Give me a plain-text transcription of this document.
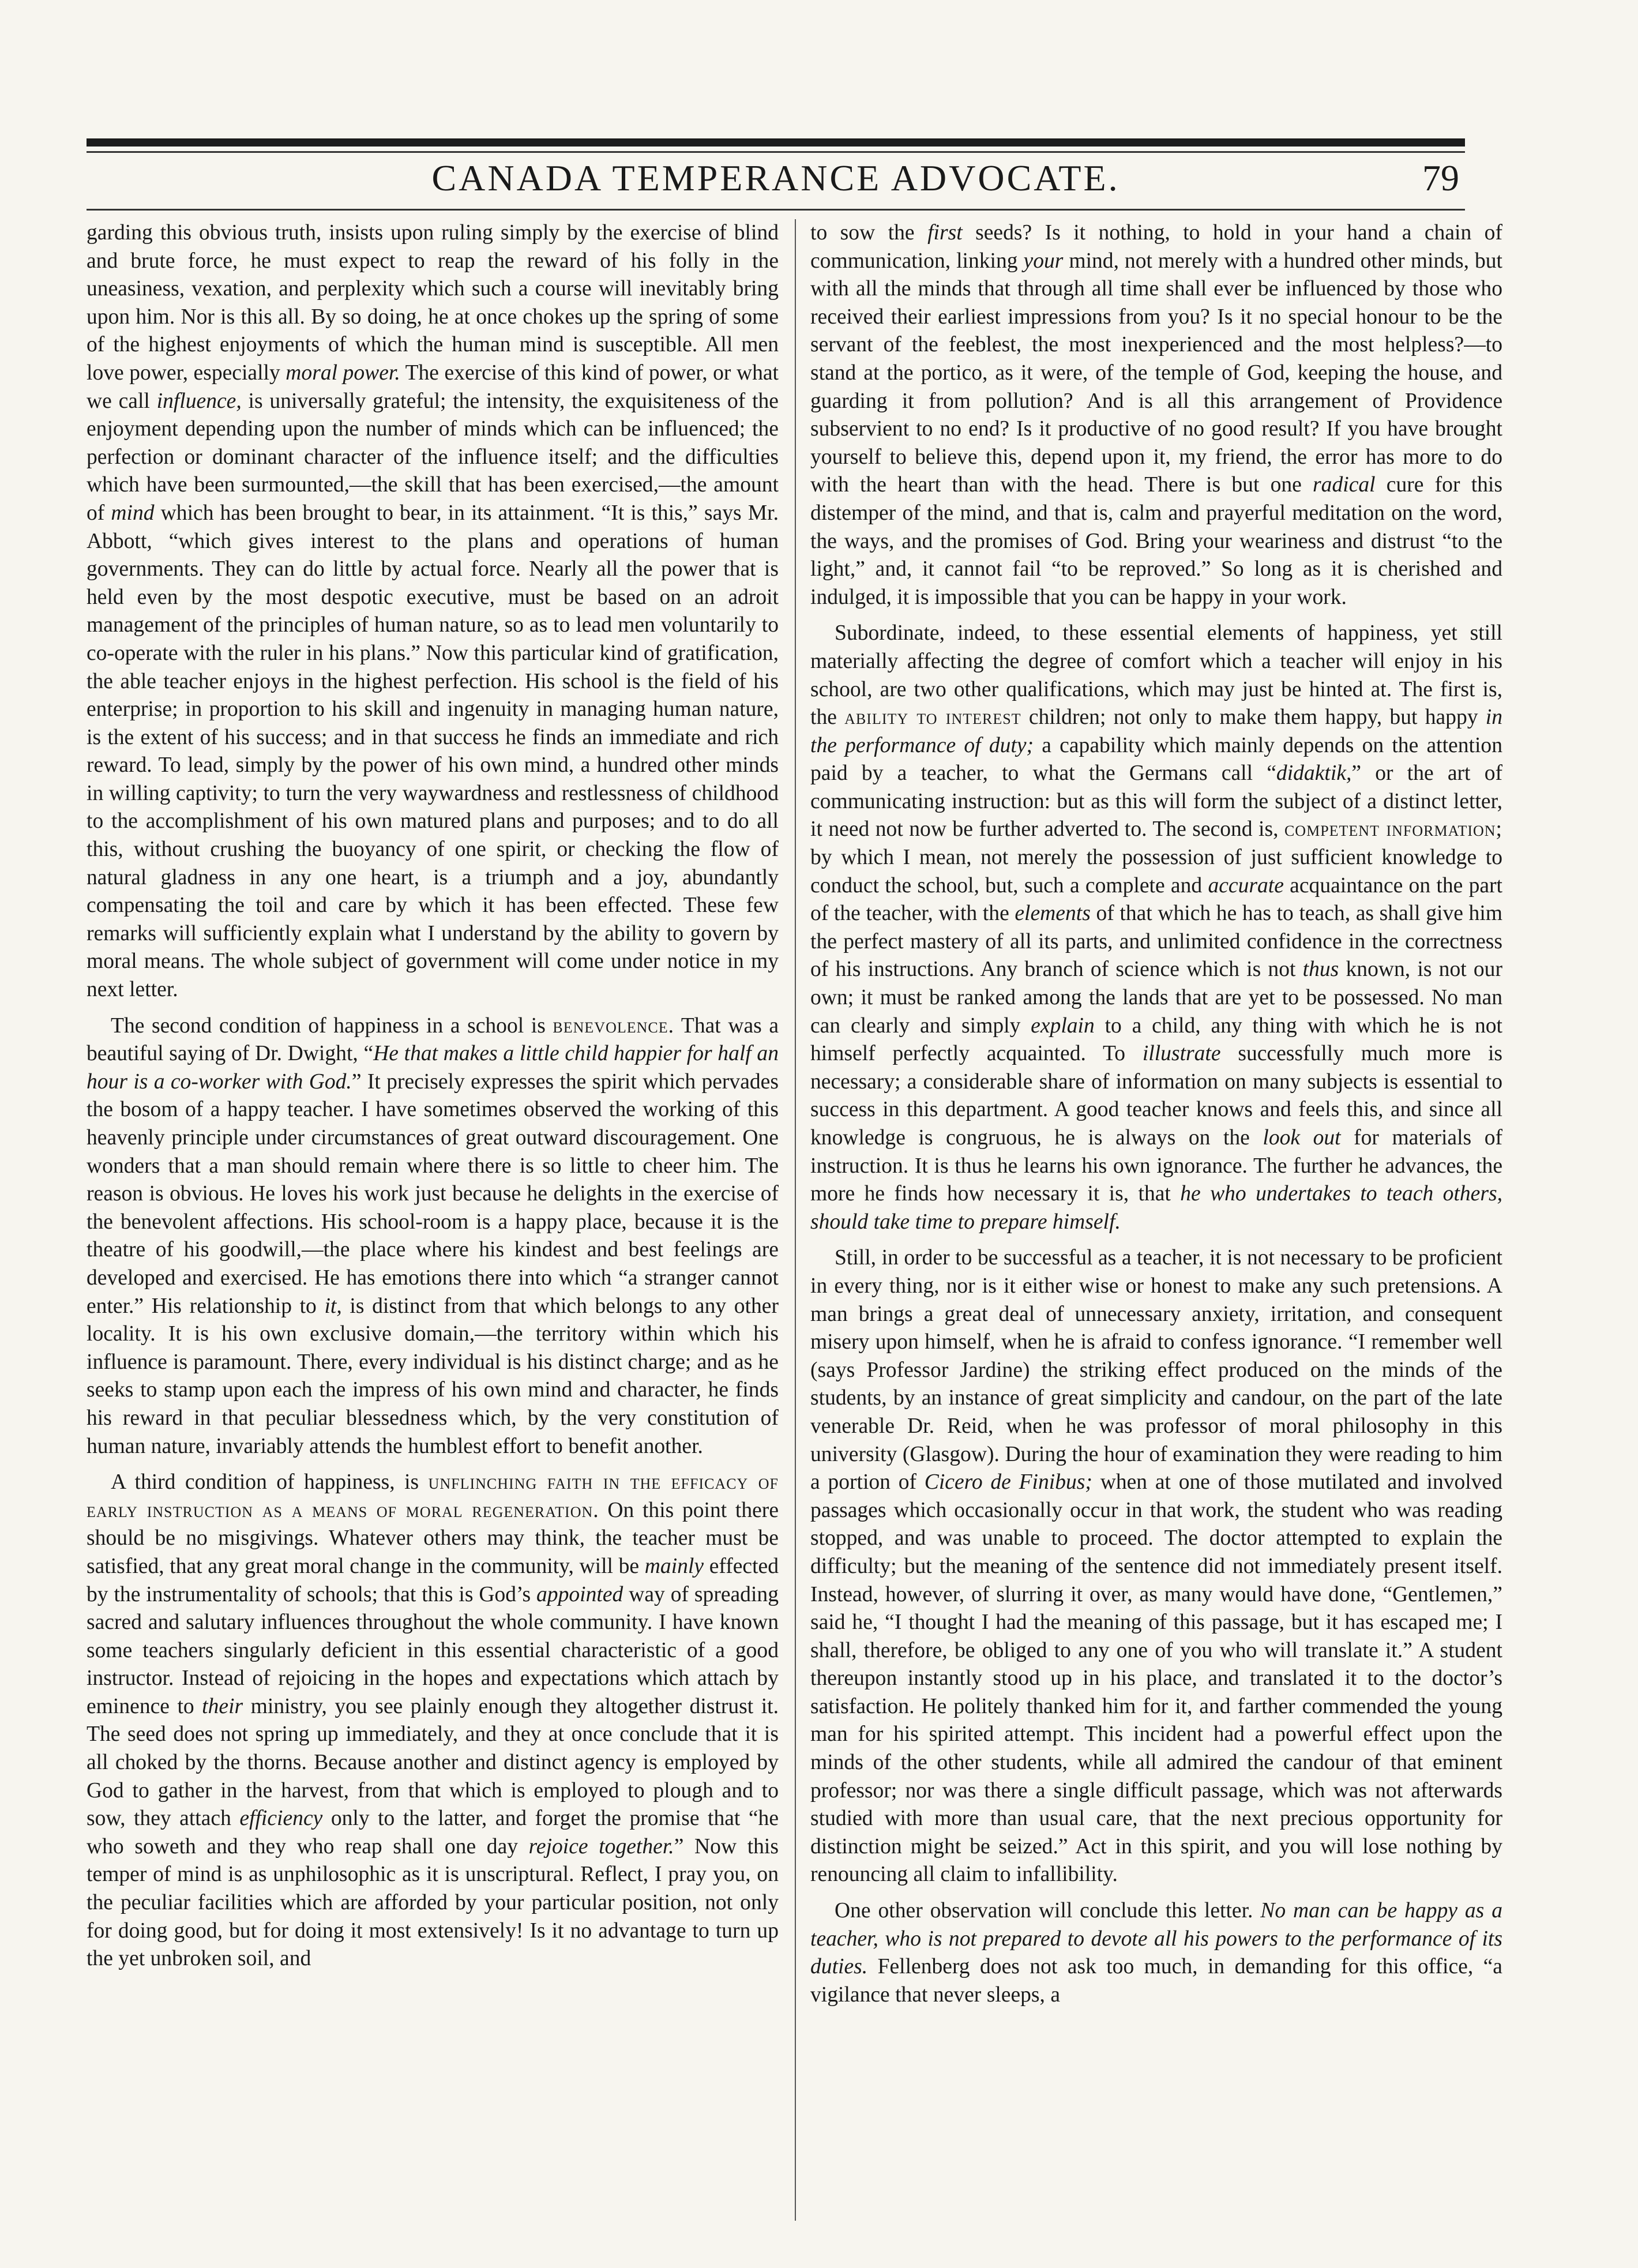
CANADA TEMPERANCE ADVOCATE.	79

garding this obvious truth, insists upon ruling simply by the exercise of blind and brute force, he must expect to reap the reward of his folly in the uneasiness, vexation, and perplexity which such a course will inevitably bring upon him. Nor is this all. By so doing, he at once chokes up the spring of some of the highest enjoyments of which the human mind is susceptible. All men love power, especially moral power. The exercise of this kind of power, or what we call influence, is universally grateful; the intensity, the exquisiteness of the enjoyment depending upon the number of minds which can be influenced; the perfection or dominant character of the influence itself; and the difficulties which have been surmounted,—the skill that has been exercised,—the amount of mind which has been brought to bear, in its attainment. “It is this,” says Mr. Abbott, “which gives interest to the plans and operations of human governments. They can do little by actual force. Nearly all the power that is held even by the most despotic executive, must be based on an adroit management of the principles of human nature, so as to lead men voluntarily to co-operate with the ruler in his plans.” Now this particular kind of gratification, the able teacher enjoys in the highest perfection. His school is the field of his enterprise; in proportion to his skill and ingenuity in managing human nature, is the extent of his success; and in that success he finds an immediate and rich reward. To lead, simply by the power of his own mind, a hundred other minds in willing captivity; to turn the very waywardness and restlessness of childhood to the accomplishment of his own matured plans and purposes; and to do all this, without crushing the buoyancy of one spirit, or checking the flow of natural gladness in any one heart, is a triumph and a joy, abundantly compensating the toil and care by which it has been effected. These few remarks will sufficiently explain what I understand by the ability to govern by moral means. The whole subject of government will come under notice in my next letter.

The second condition of happiness in a school is benevolence. That was a beautiful saying of Dr. Dwight, “He that makes a little child happier for half an hour is a co-worker with God.” It precisely expresses the spirit which pervades the bosom of a happy teacher. I have sometimes observed the working of this heavenly principle under circumstances of great outward discouragement. One wonders that a man should remain where there is so little to cheer him. The reason is obvious. He loves his work just because he delights in the exercise of the benevolent affections. His school-room is a happy place, because it is the theatre of his goodwill,—the place where his kindest and best feelings are developed and exercised. He has emotions there into which “a stranger cannot enter.” His relationship to it, is distinct from that which belongs to any other locality. It is his own exclusive domain,—the territory within which his influence is paramount. There, every individual is his distinct charge; and as he seeks to stamp upon each the impress of his own mind and character, he finds his reward in that peculiar blessedness which, by the very constitution of human nature, invariably attends the humblest effort to benefit another.

A third condition of happiness, is unflinching faith in the efficacy of early instruction as a means of moral regeneration. On this point there should be no misgivings. Whatever others may think, the teacher must be satisfied, that any great moral change in the community, will be mainly effected by the instrumentality of schools; that this is God’s appointed way of spreading sacred and salutary influences throughout the whole community. I have known some teachers singularly deficient in this essential characteristic of a good instructor. Instead of rejoicing in the hopes and expectations which attach by eminence to their ministry, you see plainly enough they altogether distrust it. The seed does not spring up immediately, and they at once conclude that it is all choked by the thorns. Because another and distinct agency is employed by God to gather in the harvest, from that which is employed to plough and to sow, they attach efficiency only to the latter, and forget the promise that “he who soweth and they who reap shall one day rejoice together.” Now this temper of mind is as unphilosophic as it is unscriptural. Reflect, I pray you, on the peculiar facilities which are afforded by your particular position, not only for doing good, but for doing it most extensively! Is it no advantage to turn up the yet unbroken soil, and

to sow the first seeds? Is it nothing, to hold in your hand a chain of communication, linking your mind, not merely with a hundred other minds, but with all the minds that through all time shall ever be influenced by those who received their earliest impressions from you? Is it no special honour to be the servant of the feeblest, the most inexperienced and the most helpless?—to stand at the portico, as it were, of the temple of God, keeping the house, and guarding it from pollution? And is all this arrangement of Providence subservient to no end? Is it productive of no good result? If you have brought yourself to believe this, depend upon it, my friend, the error has more to do with the heart than with the head. There is but one radical cure for this distemper of the mind, and that is, calm and prayerful meditation on the word, the ways, and the promises of God. Bring your weariness and distrust “to the light,” and, it cannot fail “to be reproved.” So long as it is cherished and indulged, it is impossible that you can be happy in your work.

Subordinate, indeed, to these essential elements of happiness, yet still materially affecting the degree of comfort which a teacher will enjoy in his school, are two other qualifications, which may just be hinted at. The first is, the ability to interest children; not only to make them happy, but happy in the performance of duty; a capability which mainly depends on the attention paid by a teacher, to what the Germans call “didaktik,” or the art of communicating instruction: but as this will form the subject of a distinct letter, it need not now be further adverted to. The second is, competent information; by which I mean, not merely the possession of just sufficient knowledge to conduct the school, but, such a complete and accurate acquaintance on the part of the teacher, with the elements of that which he has to teach, as shall give him the perfect mastery of all its parts, and unlimited confidence in the correctness of his instructions. Any branch of science which is not thus known, is not our own; it must be ranked among the lands that are yet to be possessed. No man can clearly and simply explain to a child, any thing with which he is not himself perfectly acquainted. To illustrate successfully much more is necessary; a considerable share of information on many subjects is essential to success in this department. A good teacher knows and feels this, and since all knowledge is congruous, he is always on the look out for materials of instruction. It is thus he learns his own ignorance. The further he advances, the more he finds how necessary it is, that he who undertakes to teach others, should take time to prepare himself.

Still, in order to be successful as a teacher, it is not necessary to be proficient in every thing, nor is it either wise or honest to make any such pretensions. A man brings a great deal of unnecessary anxiety, irritation, and consequent misery upon himself, when he is afraid to confess ignorance. “I remember well (says Professor Jardine) the striking effect produced on the minds of the students, by an instance of great simplicity and candour, on the part of the late venerable Dr. Reid, when he was professor of moral philosophy in this university (Glasgow). During the hour of examination they were reading to him a portion of Cicero de Finibus; when at one of those mutilated and involved passages which occasionally occur in that work, the student who was reading stopped, and was unable to proceed. The doctor attempted to explain the difficulty; but the meaning of the sentence did not immediately present itself. Instead, however, of slurring it over, as many would have done, “Gentlemen,” said he, “I thought I had the meaning of this passage, but it has escaped me; I shall, therefore, be obliged to any one of you who will translate it.” A student thereupon instantly stood up in his place, and translated it to the doctor’s satisfaction. He politely thanked him for it, and farther commended the young man for his spirited attempt. This incident had a powerful effect upon the minds of the other students, while all admired the candour of that eminent professor; nor was there a single difficult passage, which was not afterwards studied with more than usual care, that the next precious opportunity for distinction might be seized.” Act in this spirit, and you will lose nothing by renouncing all claim to infallibility.

One other observation will conclude this letter. No man can be happy as a teacher, who is not prepared to devote all his powers to the performance of its duties. Fellenberg does not ask too much, in demanding for this office, “a vigilance that never sleeps, a
